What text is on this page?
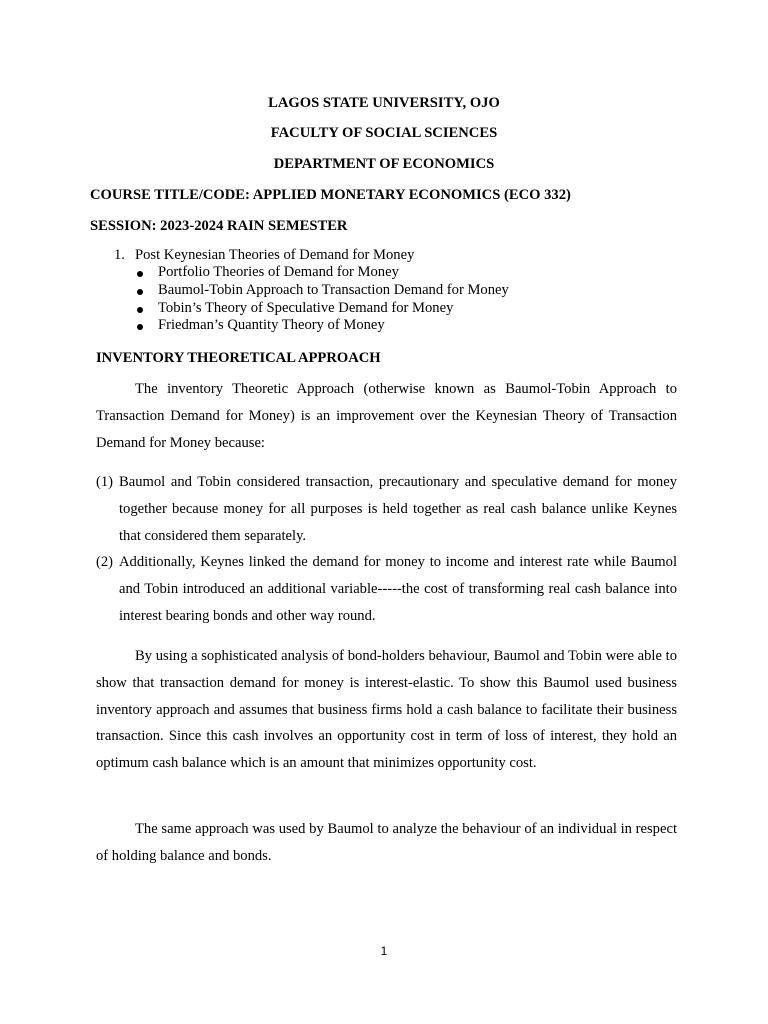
LAGOS STATE UNIVERSITY, OJO
FACULTY OF SOCIAL SCIENCES
DEPARTMENT OF ECONOMICS
COURSE TITLE/CODE: APPLIED MONETARY ECONOMICS (ECO 332)
SESSION: 2023-2024 RAIN SEMESTER
1. Post Keynesian Theories of Demand for Money
Portfolio Theories of Demand for Money
Baumol-Tobin Approach to Transaction Demand for Money
Tobin’s Theory of Speculative Demand for Money
Friedman’s Quantity Theory of Money
INVENTORY THEORETICAL APPROACH

The inventory Theoretic Approach (otherwise known as Baumol-Tobin Approach to Transaction Demand for Money) is an improvement over the Keynesian Theory of Transaction Demand for Money because:

(1) Baumol and Tobin considered transaction, precautionary and speculative demand for money together because money for all purposes is held together as real cash balance unlike Keynes that considered them separately.
(2) Additionally, Keynes linked the demand for money to income and interest rate while Baumol and Tobin introduced an additional variable-----the cost of transforming real cash balance into interest bearing bonds and other way round.

By using a sophisticated analysis of bond-holders behaviour, Baumol and Tobin were able to show that transaction demand for money is interest-elastic. To show this Baumol used business inventory approach and assumes that business firms hold a cash balance to facilitate their business transaction. Since this cash involves an opportunity cost in term of loss of interest, they hold an optimum cash balance which is an amount that minimizes opportunity cost.

The same approach was used by Baumol to analyze the behaviour of an individual in respect of holding balance and bonds.

1
